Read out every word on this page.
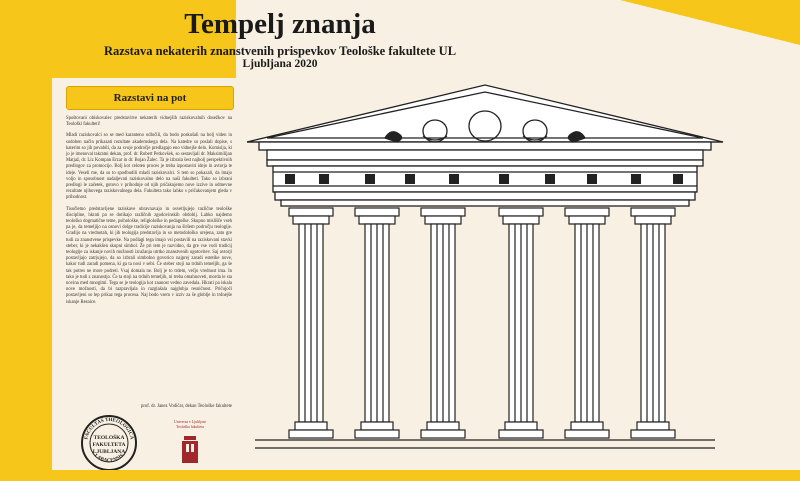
Tempelj znanja
Razstava nekaterih znanstvenih prispevkov Teološke fakultete UL
Ljubljana 2020
Razstavi na pot

Spoštovani obiskovalec predstavitve nekaterih vidnejših raziskovalnih dosežkov na Teološki fakulteti!

Mladi raziskovalci so se med karanteno odločili, da bodo poskušali na bolj viden in sodoben način prikazati rezultate akademskega dela. Na katedre so poslali dopise, s katerim so jih povabili, da za svoje področje predlagajo eno vidnejše delo. Komisija, ki jo je imenoval takratni dekan, prof. dr. Robert Petkovšek, so sestavljali dr. Maksimilijan Matjaž, dr. Liz Kompan Erzar in dr. Bojan Žalec. Ta je izbrala šest najbolj perspektivnih predlogov za promocijo. Bolj kot celoten proces je treba izpostaviti idejo in avtorja te ideje. Veseli me, da so to spodbudili mladi raziskovalci. S tem so pokazali, da imajo voljo in sposobnost nadaljevati raziskovalno delo na naši fakulteti. Tako so izbrani predlogi le začetek, gotovo v prihodnje od njih pričakujemo nove izzive in odmevne rezultate njihovega raziskovalnega dela. Fakulteta tako lahko s pričakovanjem gleda v prihodnost.

Tisočletno predstavljene raziskave obravnavajo in osvetljujejo različne teološke discipline, hkrati pa se dotikajo različnih zgodovinskih obdobij. Lahko najdemo teološko dogmatične teme, psihološke, religiološke in pedagoške. Skupno mislišče vseh pa je, da temeljijo na osnovi dolge tradicije raziskovanja na širšem področju teologije. Gradijo na vrednotah, ki jih teologija predstavlja in so metodološko urejena, zato gre tudi za znanstvene prispevke. Na podlagi tega imajo vsi postavili na raziskovani stavki steber, ki je nekakšen skupni simbol. Že pri tem je razvidno, da gre vse vodi tradicij teologije za iskanje novih možnosti izražanja utrtko znanstvenih ugotovitev. Saj avtorji postavljajo zatrjujejo, da so izbrali simbolno govorico najprej zaradi estetike nove, kakor tudi zaradi pomena, ki ga ta nosi v sebi. Če steber stoji na trdnih temeljih, ga še tak potres ne more podreti. Vsaj domala ne. Bolj je to trdem, večjo vrednost ima. In tako je tudi z znanostjo. Če ta stoji na trdnih temeljih, ni treba omahnoveti, morda le sta novina med mnogimi. Tega se je teologija kot znanost vedno zavedala. Hkrati pa iskala nove možnosti, da bi razpravljala in razglašala najglobja resničnost. Pričujoči postavljeni so lep prikaz tega procesa. Naj bodo vsem v izziv za še globlje in trdnejše iskanje Resnice.

prof. dr. Janez Vodičar, dekan Teološke fakultete
FACULTAS THEOLOGICA
LABACENSIS
TEOLOŠKA
FAKULTETA
LJUBLJANA
Univerza v Ljubljani
Teološka fakulteta
